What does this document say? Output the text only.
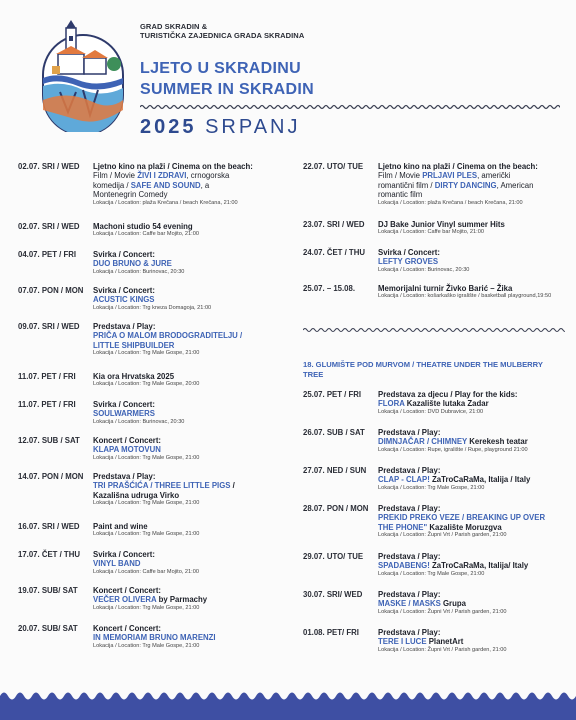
GRAD SKRADIN &
TURISTIČKA ZAJEDNICA GRADA SKRADINA
LJETO U SKRADINU
SUMMER IN SKRADIN
2025 SRPANJ
02.07. SRI / WED Ljetno kino na plaži / Cinema on the beach:
Film / Movie ŽIVI I ZDRAVI, crnogorska
komedija / SAFE AND SOUND, a
Montenegrin Comedy
Lokacija / Location: plaža Krečana / beach Krečana, 21:00
02.07. SRI / WED Machoni studio 54 evening
Lokacija / Location: Caffe bar Mojito, 21:00
04.07. PET / FRI Svirka / Concert:
DUO BRUNO & JURE
Lokacija / Location: Burinovac, 20:30
07.07. PON / MON Svirka / Concert:
ACUSTIC KINGS
Lokacija / Location: Trg kneza Domagoja, 21:00
09.07. SRI / WED Predstava / Play:
PRIČA O MALOM BRODOGRADITELJU /
LITTLE SHIPBUILDER
Lokacija / Location: Trg Male Gospe, 21:00
11.07. PET / FRI Kia ora Hrvatska 2025
Lokacija / Location: Trg Male Gospe, 20:00
11.07. PET / FRI Svirka / Concert:
SOULWARMERS
Lokacija / Location: Burinovac, 20:30
12.07. SUB / SAT Koncert / Concert:
KLAPA MOTOVUN
Lokacija / Location: Trg Male Gospe, 21:00
14.07. PON / MON Predstava / Play:
TRI PRAŠĆIĆA / THREE LITTLE PIGS /
Kazališna udruga Virko
Lokacija / Location: Trg Male Gospe, 21:00
16.07. SRI / WED Paint and wine
Lokacija / Location: Trg Male Gospe, 21:00
17.07. ČET / THU Svirka / Concert:
VINYL BAND
Lokacija / Location: Caffe bar Mojito, 21:00
19.07. SUB/ SAT Koncert / Concert:
VEČER OLIVERA by Parmachy
Lokacija / Location: Trg Male Gospe, 21:00
20.07. SUB/ SAT Koncert / Concert:
IN MEMORIAM BRUNO MARENZI
Lokacija / Location: Trg Male Gospe, 21:00
22.07. UTO/ TUE Ljetno kino na plaži / Cinema on the beach:
Film / Movie PRLJAVI PLES, američki
romantični film / DIRTY DANCING, American
romantic film
Lokacija / Location: plaža Krečana / beach Krečana, 21:00
23.07. SRI / WED DJ Bake Junior Vinyl summer Hits
Lokacija / Location: Caffe bar Mojito, 21:00
24.07. ČET / THU Svirka / Concert:
LEFTY GROVES
Lokacija / Location: Burinovac, 20:30
25.07. – 15.08.	Memorijalni turnir Živko Barić – Žika
Lokacija / Location: košarkaško igralište / basketball playground,19:50
18. GLUMIŠTE POD MURVOM / THEATRE UNDER THE MULBERRY TREE
25.07. PET / FRI Predstava za djecu / Play for the kids:
FLORA Kazalište lutaka Zadar
Lokacija / Location: DVD Dubravice, 21:00
26.07. SUB / SAT Predstava / Play:
DIMNJAČAR / CHIMNEY Kerekesh teatar
Lokacija / Location: Rupe, igralište / Rupe, playground 21:00
27.07. NED / SUN Predstava / Play:
CLAP - CLAP! ZaTroCaRaMa, Italija / Italy
Lokacija / Location: Trg Male Gospe, 21:00
28.07. PON / MON Predstava / Play:
PREKID PREKO VEZE / BREAKING UP OVER
THE PHONE" Kazalište Moruzgva
Lokacija / Location: Župni Vrt / Parish garden, 21:00
29.07. UTO/ TUE Predstava / Play:
SPADABENG! ZaTroCaRaMa, Italija/ Italy
Lokacija / Location: Trg Male Gospe, 21:00
30.07. SRI/ WED Predstava / Play:
MASKE / MASKS Grupa
Lokacija / Location: Župni Vrt / Parish garden, 21:00
01.08. PET/ FRI Predstava / Play:
TERE I LUCE PlanetArt
Lokacija / Location: Župni Vrt / Parish garden, 21:00
